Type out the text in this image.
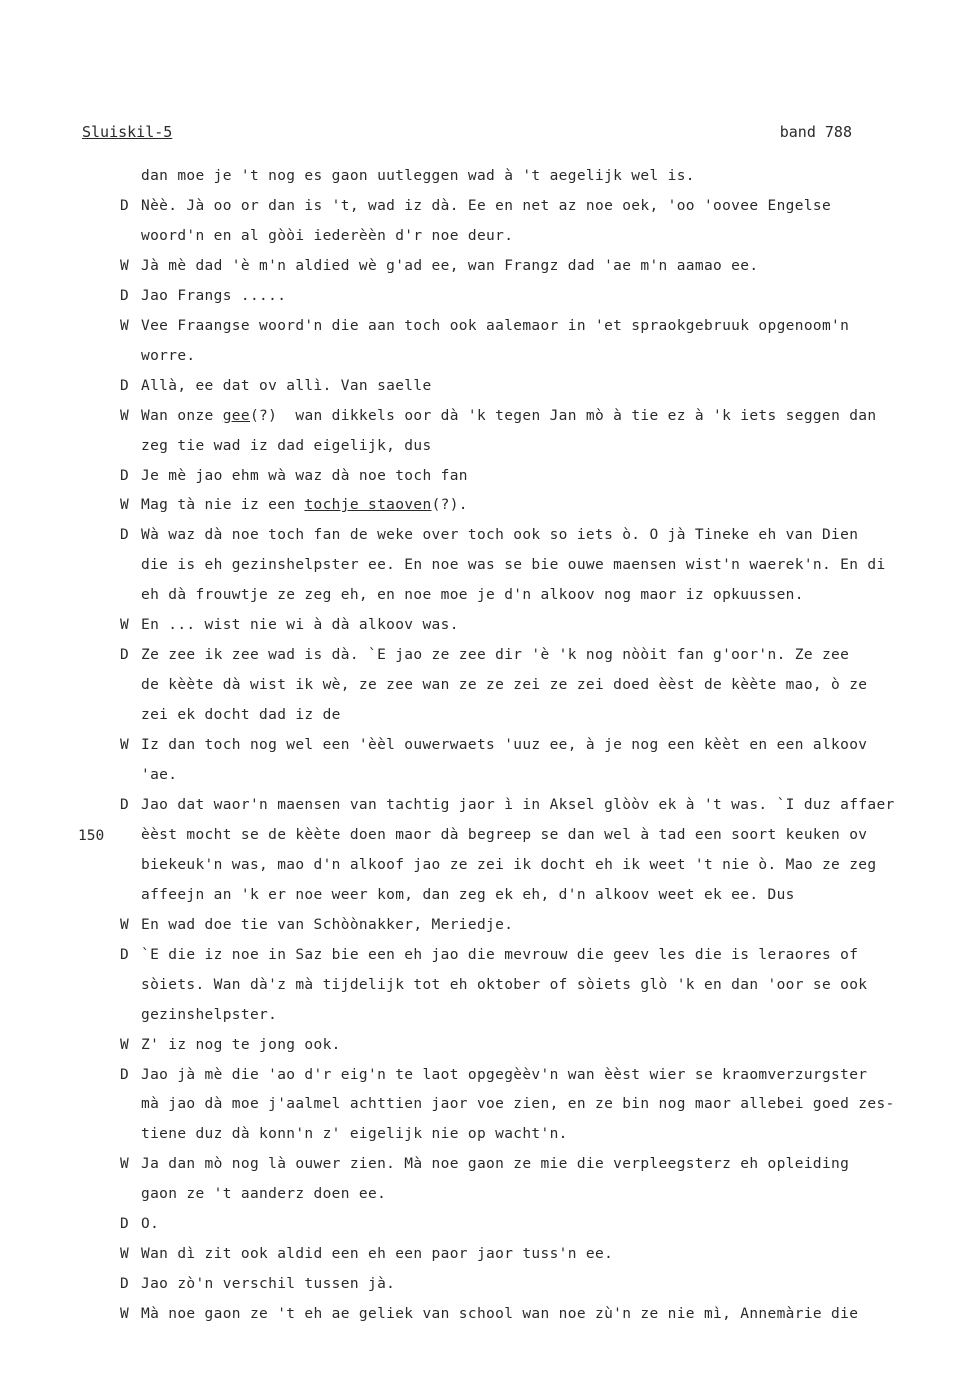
Sluiskil-5	band 788
150
dan moe je 't nog es gaon uutleggen wad à 't aegelijk wel is.
D Nèè. Jà oo or dan is 't, wad iz dà. Ee en net az noe oek, 'oo 'oovee Engelse
woord'n en al gòòi iederèèn d'r noe deur.
W Jà mè dad 'è m'n aldied wè g'ad ee, wan Frangz dad 'ae m'n aamao ee.
D Jao Frangs .....
W Vee Fraangse woord'n die aan toch ook aalemaor in 'et spraokgebruuk opgenoom'n
worre.
D Allà, ee dat ov allì. Van saelle
W Wan onze gee(?)  wan dikkels oor dà 'k tegen Jan mò à tie ez à 'k iets seggen dan
zeg tie wad iz dad eigelijk, dus
D Je mè jao ehm wà waz dà noe toch fan
W Mag tà nie iz een tochje staoven(?).
D Wà waz dà noe toch fan de weke over toch ook so iets ò. O jà Tineke eh van Dien
die is eh gezinshelpster ee. En noe was se bie ouwe maensen wist'n waerek'n. En di
eh dà frouwtje ze zeg eh, en noe moe je d'n alkoov nog maor iz opkuussen.
W En ... wist nie wi à dà alkoov was.
D Ze zee ik zee wad is dà. `E jao ze zee dir 'è 'k nog nòòit fan g'oor'n. Ze zee
de kèète dà wist ik wè, ze zee wan ze ze zei ze zei doed èèst de kèète mao, ò ze
zei ek docht dad iz de
W Iz dan toch nog wel een 'èèl ouwerwaets 'uuz ee, à je nog een kèèt en een alkoov
'ae.
D Jao dat waor'n maensen van tachtig jaor ì in Aksel glòòv ek à 't was. `I duz affaer
èèst mocht se de kèète doen maor dà begreep se dan wel à tad een soort keuken ov
biekeuk'n was, mao d'n alkoof jao ze zei ik docht eh ik weet 't nie ò. Mao ze zeg
affeejn an 'k er noe weer kom, dan zeg ek eh, d'n alkoov weet ek ee. Dus
W En wad doe tie van Schòònakker, Meriedje.
D `E die iz noe in Saz bie een eh jao die mevrouw die geev les die is leraores of
sòiets. Wan dà'z mà tijdelijk tot eh oktober of sòiets glò 'k en dan 'oor se ook
gezinshelpster.
W Z' iz nog te jong ook.
D Jao jà mè die 'ao d'r eig'n te laot opgegèèv'n wan èèst wier se kraomverzurgster
mà jao dà moe j'aalmel achttien jaor voe zien, en ze bin nog maor allebei goed zes-
tiene duz dà konn'n z' eigelijk nie op wacht'n.
W Ja dan mò nog là ouwer zien. Mà noe gaon ze mie die verpleegsterz eh opleiding
gaon ze 't aanderz doen ee.
D O.
W Wan dì zit ook aldid een eh een paor jaor tuss'n ee.
D Jao zò'n verschil tussen jà.
W Mà noe gaon ze 't eh ae geliek van school wan noe zù'n ze nie mì, Annemàrie die
